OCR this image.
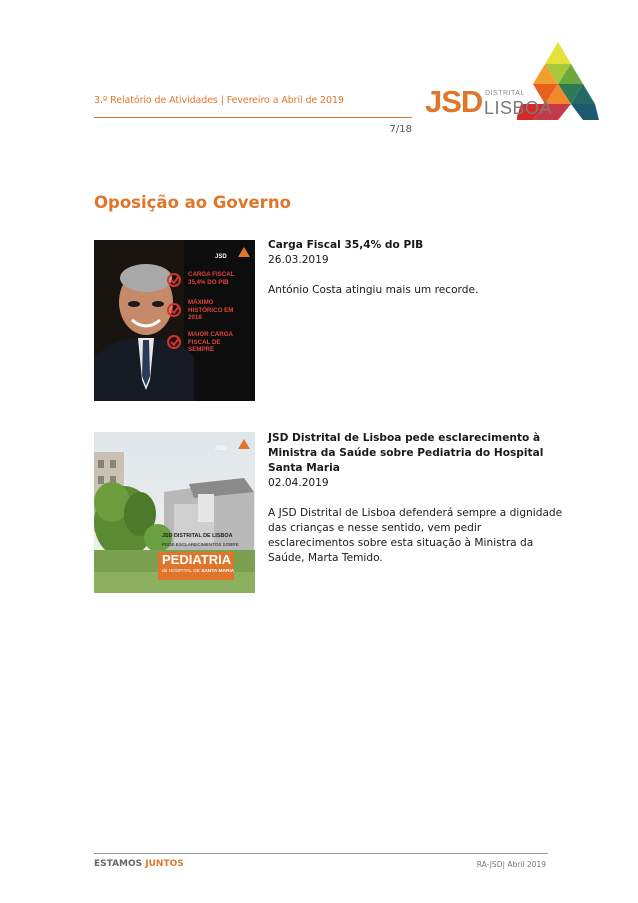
3.º Relatório de Atividades | Fevereiro a Abril de 2019
7/18
JSD DISTRITAL
LISBOA
Oposição ao Governo
JSD
CARGA FISCAL 35,4% DO PIB
MÁXIMO HISTÓRICO EM 2018
MAIOR CARGA FISCAL DE SEMPRE
Carga Fiscal 35,4% do PIB
26.03.2019
António Costa atingiu mais um recorde.
JSD
JSD DISTRITAL DE LISBOA
PEDE ESCLARECIMENTOS SOBRE
PEDIATRIA
do HOSPITAL DE SANTA MARIA
JSD Distrital de Lisboa pede esclarecimento à Ministra da Saúde sobre Pediatria do Hospital Santa Maria
02.04.2019
A JSD Distrital de Lisboa defenderá sempre a dignidade das crianças e nesse sentido, vem pedir esclarecimentos sobre esta situação à Ministra da Saúde, Marta Temido.
ESTAMOS JUNTOS	RA-JSD| Abril 2019
